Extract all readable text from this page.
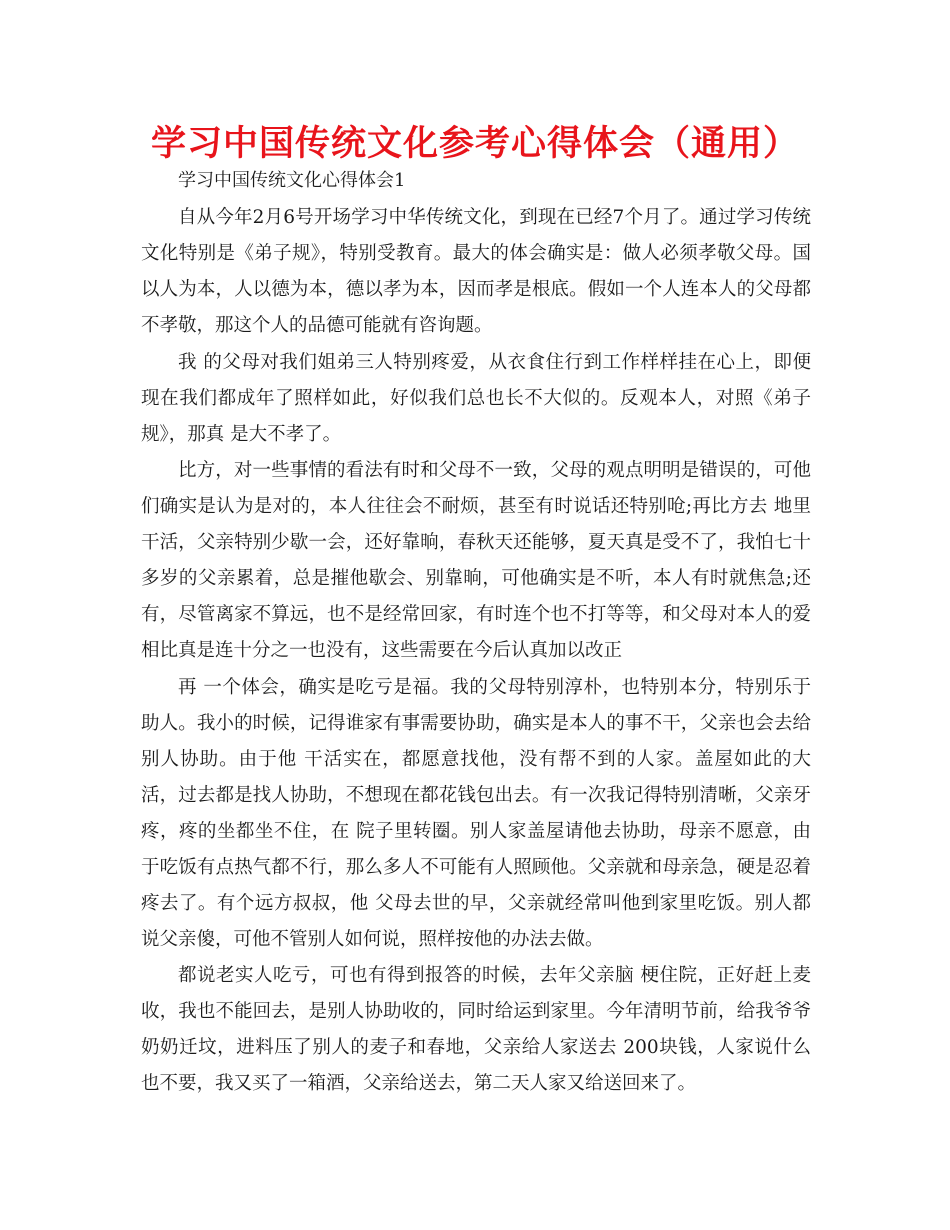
学习中国传统文化参考心得体会（通用）
学习中国传统文化心得体会1

自从今年2月6号开场学习中华传统文化，到现在已经7个月了。通过学习传统文化特别是《弟子规》，特别受教育。最大的体会确实是：做人必须孝敬父母。国以人为本，人以德为本，德以孝为本，因而孝是根底。假如一个人连本人的父母都不孝敬，那这个人的品德可能就有咨询题。

我 的父母对我们姐弟三人特别疼爱，从衣食住行到工作样样挂在心上，即便现在我们都成年了照样如此，好似我们总也长不大似的。反观本人，对照《弟子规》，那真 是大不孝了。

比方，对一些事情的看法有时和父母不一致，父母的观点明明是错误的，可他们确实是认为是对的，本人往往会不耐烦，甚至有时说话还特别呛;再比方去 地里干活，父亲特别少歇一会，还好靠晌，春秋天还能够，夏天真是受不了，我怕七十多岁的父亲累着，总是摧他歇会、别靠晌，可他确实是不听，本人有时就焦急;还有，尽管离家不算远，也不是经常回家，有时连个也不打等等，和父母对本人的爱相比真是连十分之一也没有，这些需要在今后认真加以改正

再 一个体会，确实是吃亏是福。我的父母特别淳朴，也特别本分，特别乐于助人。我小的时候，记得谁家有事需要协助，确实是本人的事不干，父亲也会去给别人协助。由于他 干活实在，都愿意找他，没有帮不到的人家。盖屋如此的大活，过去都是找人协助，不想现在都花钱包出去。有一次我记得特别清晰，父亲牙疼，疼的坐都坐不住，在 院子里转圈。别人家盖屋请他去协助，母亲不愿意，由于吃饭有点热气都不行，那么多人不可能有人照顾他。父亲就和母亲急，硬是忍着疼去了。有个远方叔叔，他 父母去世的早，父亲就经常叫他到家里吃饭。别人都说父亲傻，可他不管别人如何说，照样按他的办法去做。

都说老实人吃亏，可也有得到报答的时候，去年父亲脑 梗住院，正好赶上麦收，我也不能回去，是别人协助收的，同时给运到家里。今年清明节前，给我爷爷奶奶迁坟，进料压了别人的麦子和春地，父亲给人家送去 200块钱，人家说什么也不要，我又买了一箱酒，父亲给送去，第二天人家又给送回来了。
